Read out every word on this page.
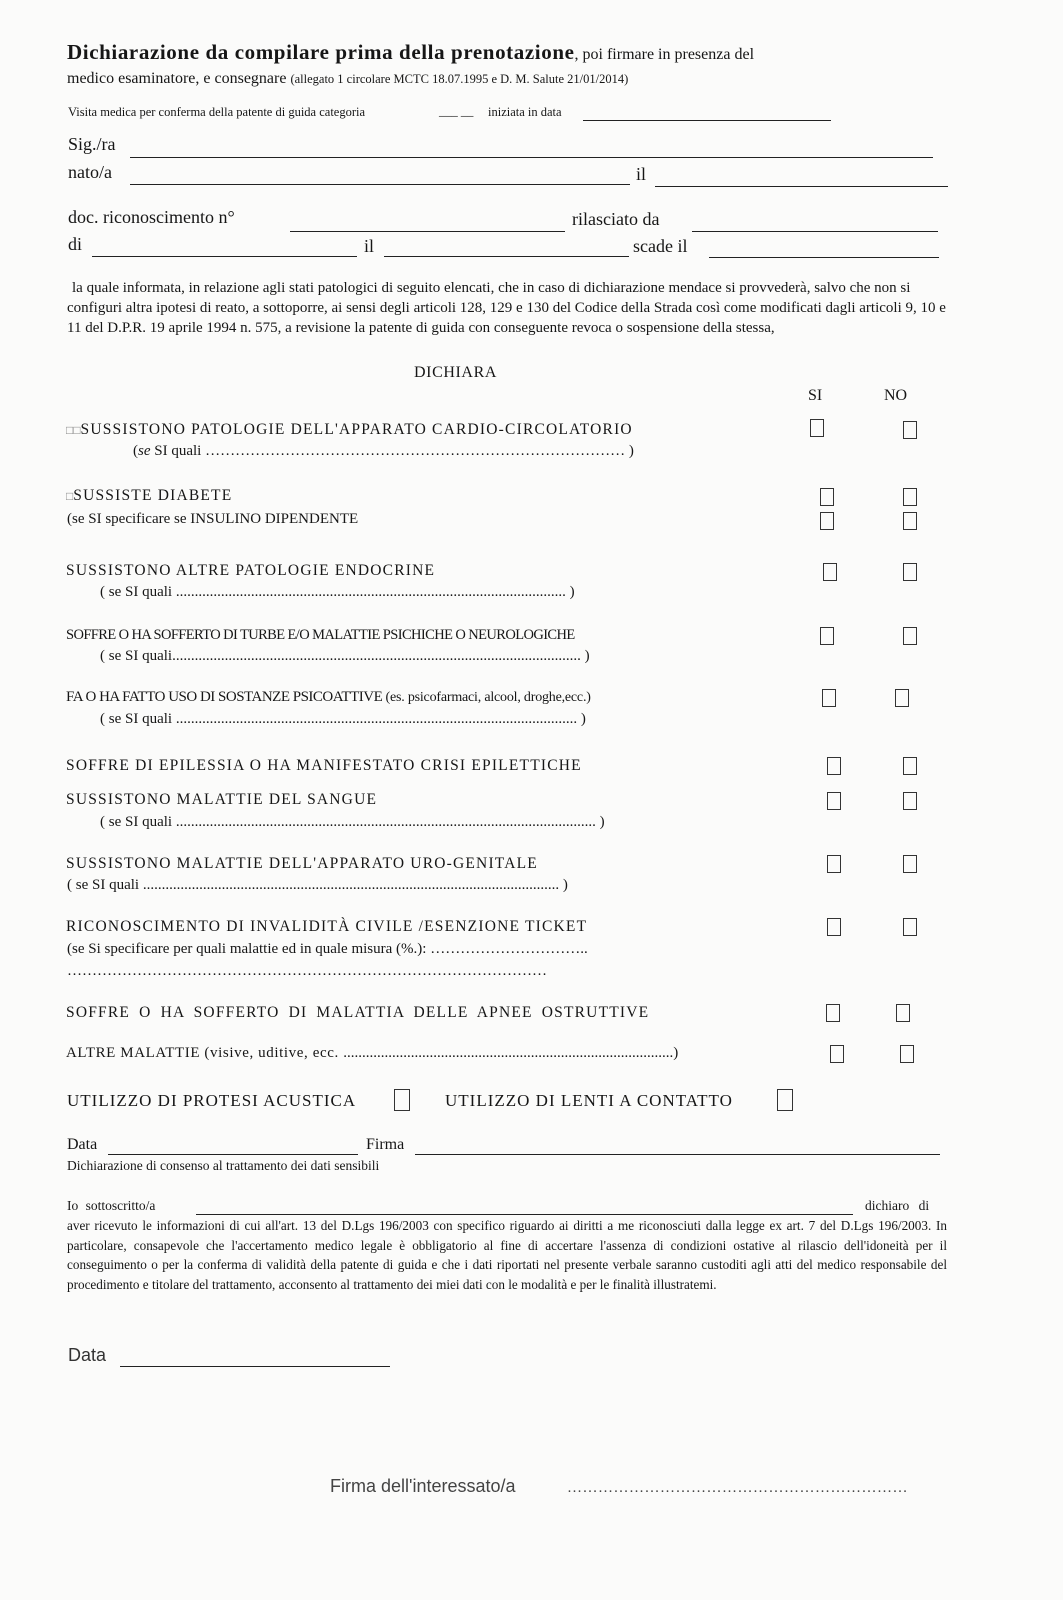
Dichiarazione da compilare prima della prenotazione, poi firmare in presenza del
medico esaminatore, e consegnare (allegato 1 circolare MCTC 18.07.1995 e D. M. Salute 21/01/2014)
Visita medica per conferma della patente di guida categoria	___ __ iniziata in data
Sig./ra
nato/a	il
doc. riconoscimento n°	rilasciato da
di	il	scade il
la quale informata, in relazione agli stati patologici di seguito elencati, che in caso di dichiarazione mendace si provvederà, salvo che non si configuri altra ipotesi di reato, a sottoporre, ai sensi degli articoli 128, 129 e 130 del Codice della Strada così come modificati dagli articoli 9, 10 e 11 del D.P.R. 19 aprile 1994 n. 575, a revisione la patente di guida con conseguente revoca o sospensione della stessa,
DICHIARA
SI	NO
□□SUSSISTONO PATOLOGIE DELL'APPARATO CARDIO-CIRCOLATORIO
(se SI quali ………………………………………………………………………… )
□SUSSISTE DIABETE
(se SI specificare se INSULINO DIPENDENTE
SUSSISTONO ALTRE PATOLOGIE ENDOCRINE
( se SI quali ........................................................................................................ )
SOFFRE O HA SOFFERTO DI TURBE E/O MALATTIE PSICHICHE O NEUROLOGICHE
( se SI quali............................................................................................................. )
FA O HA FATTO USO DI SOSTANZE PSICOATTIVE (es. psicofarmaci, alcool, droghe,ecc.)
( se SI quali ........................................................................................................... )
SOFFRE DI EPILESSIA O HA MANIFESTATO CRISI EPILETTICHE
SUSSISTONO MALATTIE DEL SANGUE
( se SI quali ................................................................................................................ )
SUSSISTONO MALATTIE DELL'APPARATO URO-GENITALE
( se SI quali ............................................................................................................... )
RICONOSCIMENTO DI INVALIDITÀ CIVILE /ESENZIONE TICKET
(se Si specificare per quali malattie ed in quale misura (%.): …………………………..
……………………………………………………………………………………
SOFFRE O HA SOFFERTO DI MALATTIA DELLE APNEE OSTRUTTIVE
ALTRE MALATTIE (visive, uditive, ecc. ........................................................................................)
UTILIZZO DI PROTESI ACUSTICA	UTILIZZO DI LENTI A CONTATTO
Data	Firma
Dichiarazione di consenso al trattamento dei dati sensibili
Io sottoscritto/a	dichiaro di
aver ricevuto le informazioni di cui all'art. 13 del D.Lgs 196/2003 con specifico riguardo ai diritti a me riconosciuti dalla legge ex art. 7 del D.Lgs 196/2003. In particolare, consapevole che l'accertamento medico legale è obbligatorio al fine di accertare l'assenza di condizioni ostative al rilascio dell'idoneità per il conseguimento o per la conferma di validità della patente di guida e che i dati riportati nel presente verbale saranno custoditi agli atti del medico responsabile del procedimento e titolare del trattamento, acconsento al trattamento dei miei dati con le modalità e per le finalità illustratemi.
Data
Firma dell'interessato/a	…………………………………………………………
